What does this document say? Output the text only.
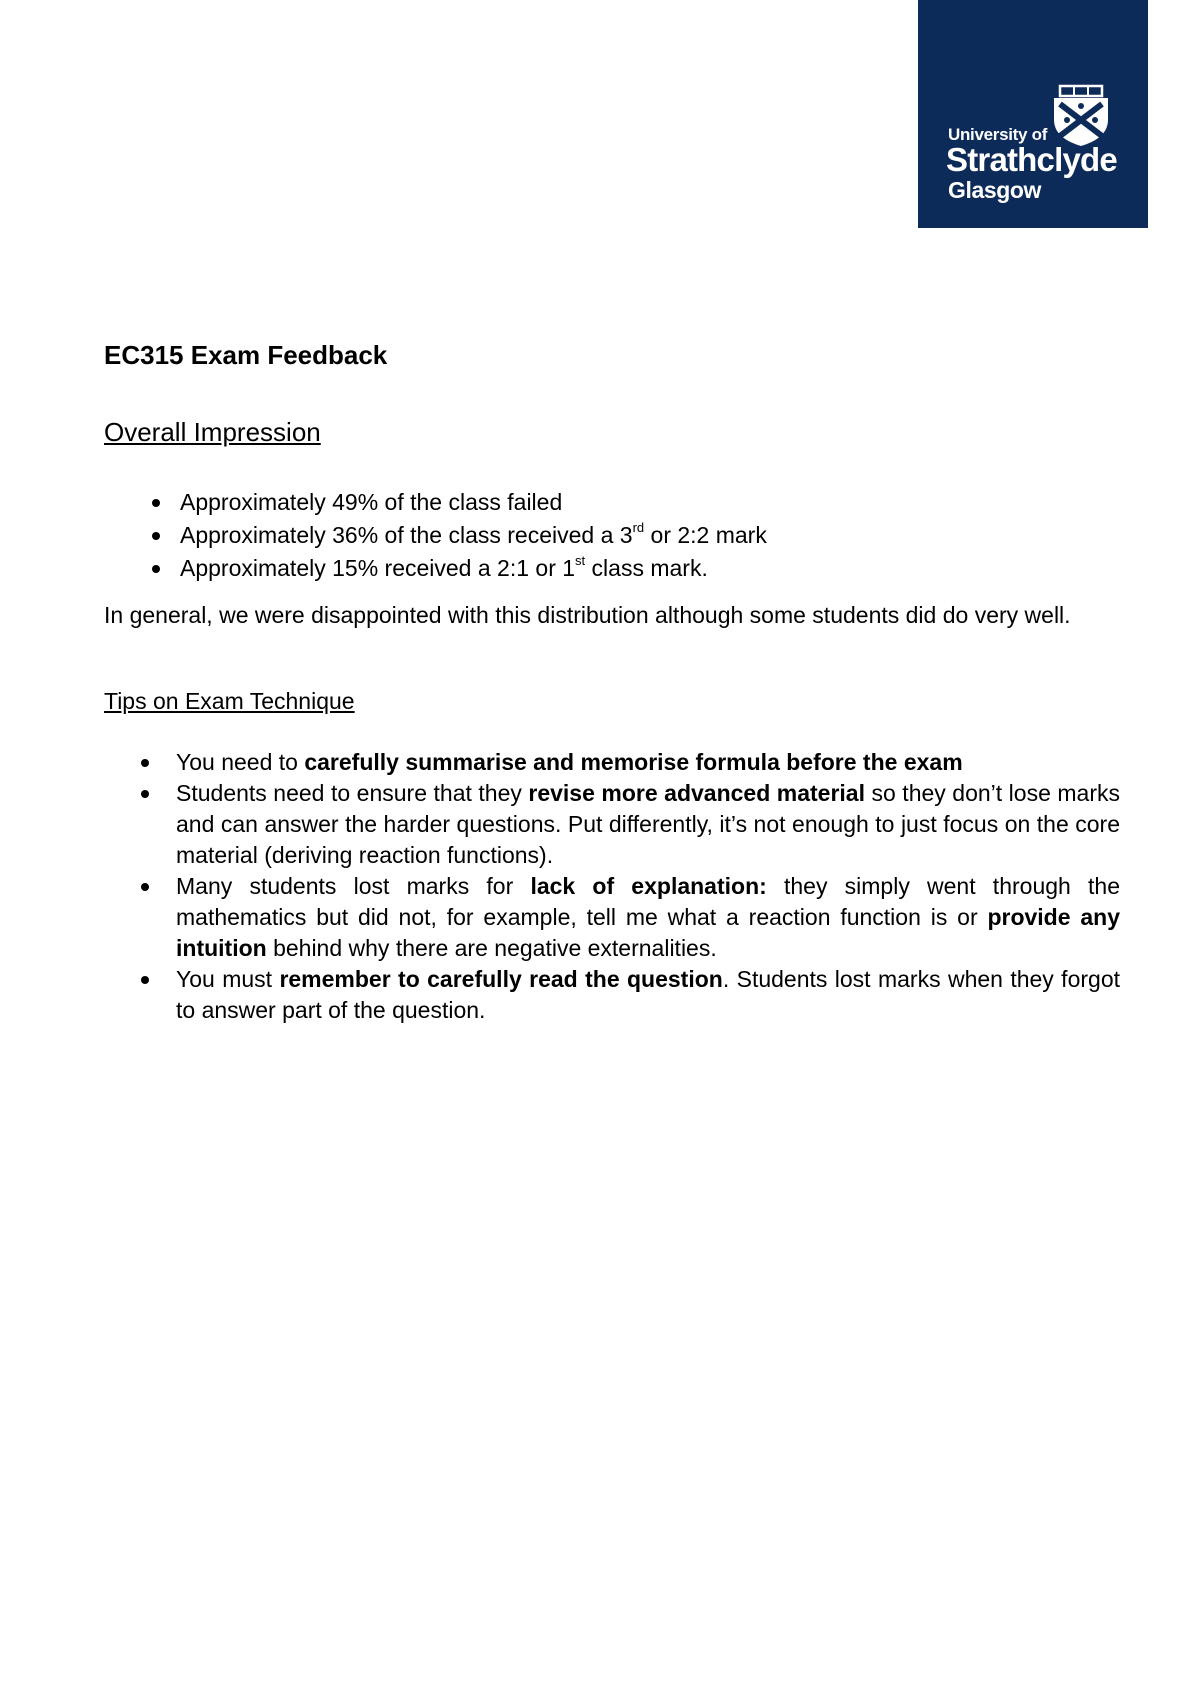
University of
Strathclyde
Glasgow
EC315 Exam Feedback
Overall Impression
Approximately 49% of the class failed
Approximately 36% of the class received a 3rd or 2:2 mark
Approximately 15% received a 2:1 or 1st class mark.

In general, we were disappointed with this distribution although some students did do very well.

Tips on Exam Technique
You need to carefully summarise and memorise formula before the exam
Students need to ensure that they revise more advanced material so they don’t lose marks and can answer the harder questions. Put differently, it’s not enough to just focus on the core material (deriving reaction functions).
Many students lost marks for lack of explanation: they simply went through the mathematics but did not, for example, tell me what a reaction function is or provide any intuition behind why there are negative externalities.
You must remember to carefully read the question. Students lost marks when they forgot to answer part of the question.
